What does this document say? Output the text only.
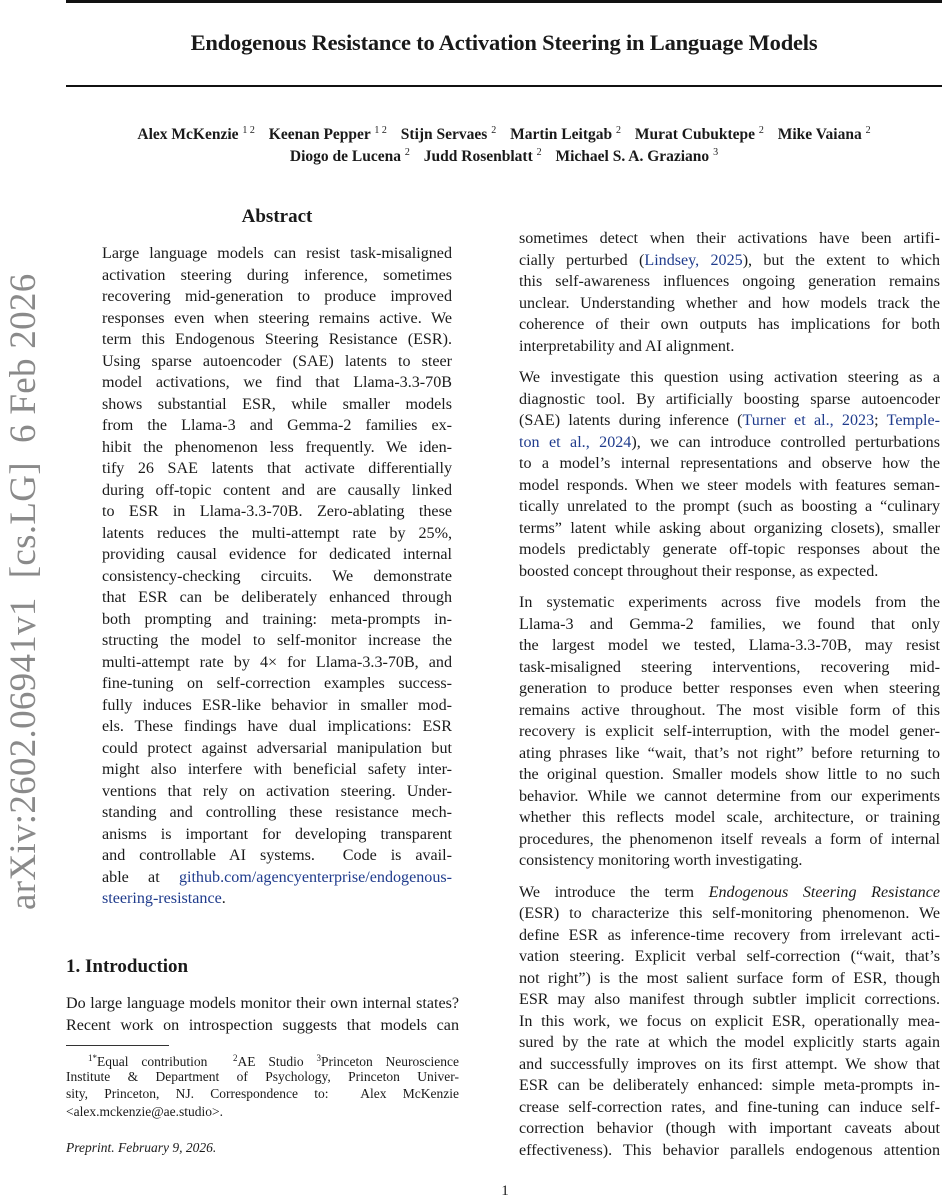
Endogenous Resistance to Activation Steering in Language Models
Alex McKenzie $^{1 2}$ Keenan Pepper $^{1 2}$ Stijn Servaes $^2$ Martin Leitgab $^2$ Murat Cubuktepe $^2$ Mike Vaiana $^2$
Diogo de Lucena $^2$ Judd Rosenblatt $^2$ Michael S. A. Graziano $^3$
arXiv:2602.06941v1  [cs.LG]  6 Feb 2026
Abstract
Large language models can resist task-misaligned
activation steering during inference, sometimes
recovering mid-generation to produce improved
responses even when steering remains active. We
term this Endogenous Steering Resistance (ESR).
Using sparse autoencoder (SAE) latents to steer
model activations, we find that Llama-3.3-70B
shows substantial ESR, while smaller models
from the Llama-3 and Gemma-2 families ex-
hibit the phenomenon less frequently. We iden-
tify 26 SAE latents that activate differentially
during off-topic content and are causally linked
to ESR in Llama-3.3-70B. Zero-ablating these
latents reduces the multi-attempt rate by 25%,
providing causal evidence for dedicated internal
consistency-checking circuits. We demonstrate
that ESR can be deliberately enhanced through
both prompting and training: meta-prompts in-
structing the model to self-monitor increase the
multi-attempt rate by 4× for Llama-3.3-70B, and
fine-tuning on self-correction examples success-
fully induces ESR-like behavior in smaller mod-
els. These findings have dual implications: ESR
could protect against adversarial manipulation but
might also interfere with beneficial safety inter-
ventions that rely on activation steering. Under-
standing and controlling these resistance mech-
anisms is important for developing transparent
and controllable AI systems.  Code is avail-
able at github.com/agencyenterprise/endogenous-
steering-resistance.
1. Introduction
Do large language models monitor their own internal states?
Recent work on introspection suggests that models can
$^{1*}$Equal contribution  $^2$AE Studio $^3$Princeton Neuroscience
Institute & Department of Psychology, Princeton Univer-
sity, Princeton, NJ. Correspondence to:  Alex McKenzie
<alex.mckenzie@ae.studio>.
Preprint. February 9, 2026.
sometimes detect when their activations have been artifi-
cially perturbed (Lindsey, 2025), but the extent to which
this self-awareness influences ongoing generation remains
unclear. Understanding whether and how models track the
coherence of their own outputs has implications for both
interpretability and AI alignment.
We investigate this question using activation steering as a
diagnostic tool. By artificially boosting sparse autoencoder
(SAE) latents during inference (Turner et al., 2023; Temple-
ton et al., 2024), we can introduce controlled perturbations
to a model’s internal representations and observe how the
model responds. When we steer models with features seman-
tically unrelated to the prompt (such as boosting a “culinary
terms” latent while asking about organizing closets), smaller
models predictably generate off-topic responses about the
boosted concept throughout their response, as expected.
In systematic experiments across five models from the
Llama-3 and Gemma-2 families, we found that only
the largest model we tested, Llama-3.3-70B, may resist
task-misaligned steering interventions, recovering mid-
generation to produce better responses even when steering
remains active throughout. The most visible form of this
recovery is explicit self-interruption, with the model gener-
ating phrases like “wait, that’s not right” before returning to
the original question. Smaller models show little to no such
behavior. While we cannot determine from our experiments
whether this reflects model scale, architecture, or training
procedures, the phenomenon itself reveals a form of internal
consistency monitoring worth investigating.
We introduce the term Endogenous Steering Resistance
(ESR) to characterize this self-monitoring phenomenon. We
define ESR as inference-time recovery from irrelevant acti-
vation steering. Explicit verbal self-correction (“wait, that’s
not right”) is the most salient surface form of ESR, though
ESR may also manifest through subtler implicit corrections.
In this work, we focus on explicit ESR, operationally mea-
sured by the rate at which the model explicitly starts again
and successfully improves on its first attempt. We show that
ESR can be deliberately enhanced: simple meta-prompts in-
crease self-correction rates, and fine-tuning can induce self-
correction behavior (though with important caveats about
effectiveness). This behavior parallels endogenous attention
1
